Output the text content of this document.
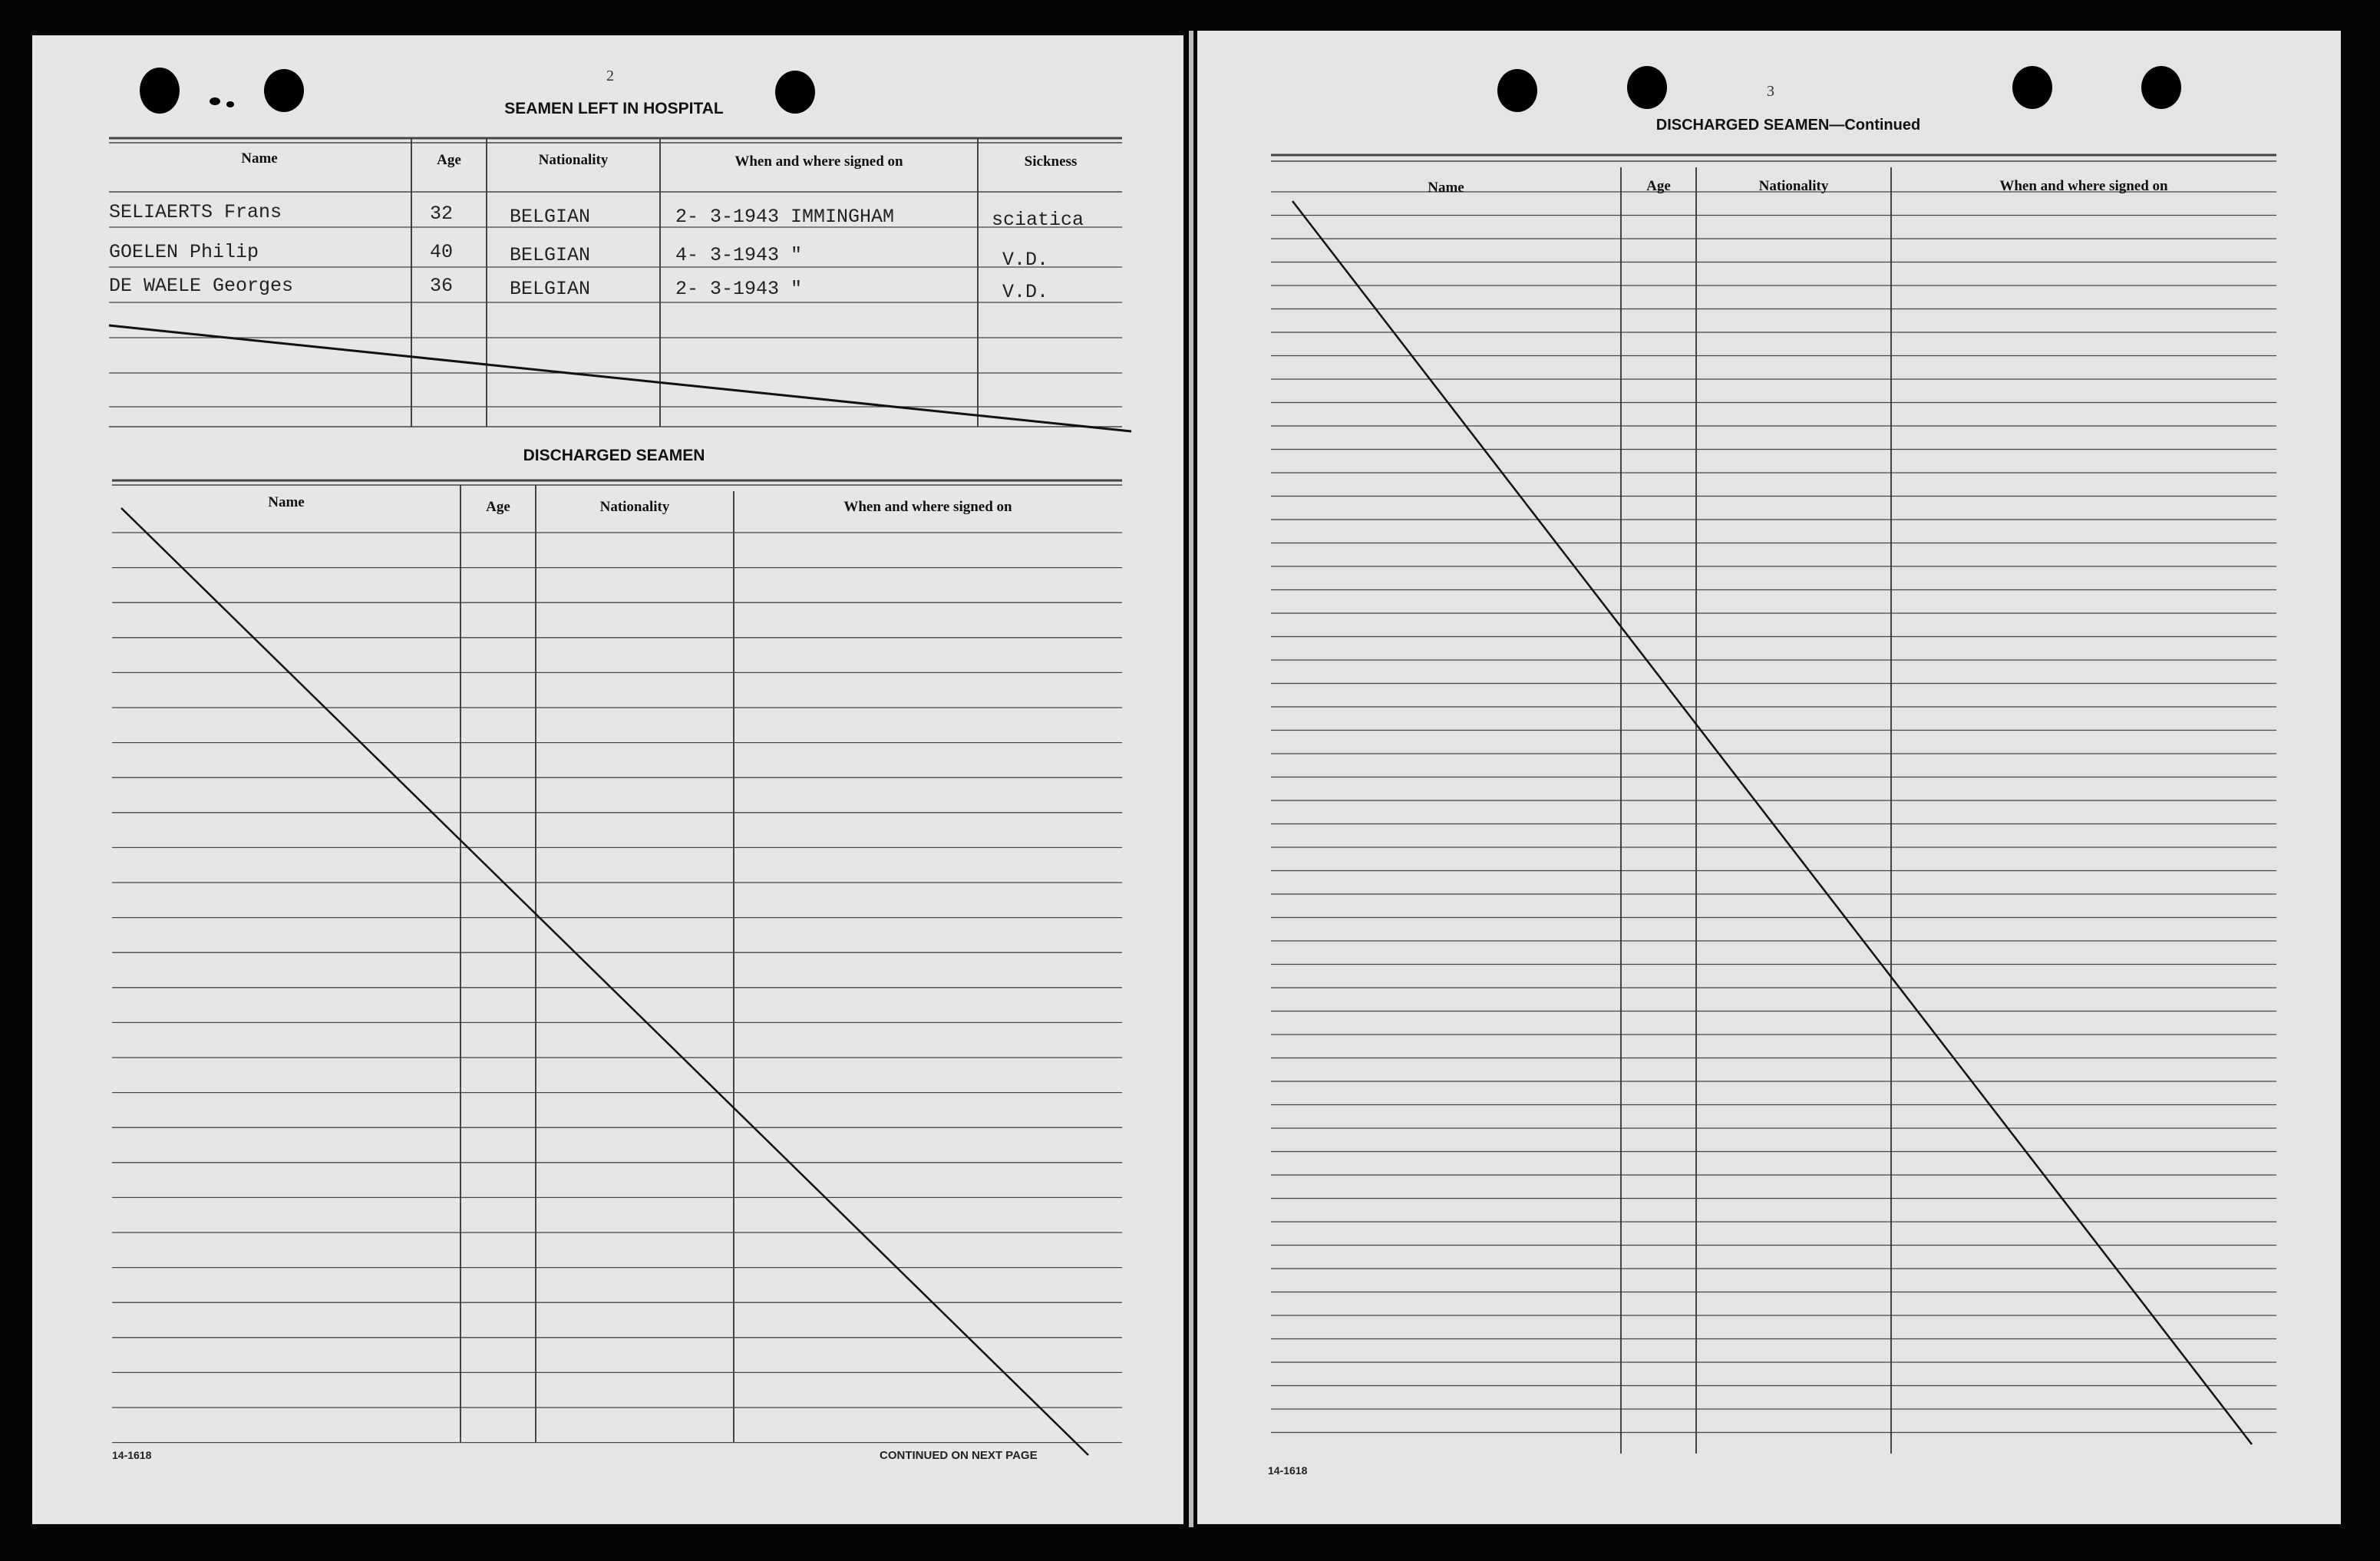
2
SEAMEN LEFT IN HOSPITAL
Name	Age	Nationality	When and where signed on	Sickness
SELIAERTS Frans	32	BELGIAN	2- 3-1943 IMMINGHAM	sciatica
GOELEN Philip	40	BELGIAN	4- 3-1943 "	V.D.
DE WAELE Georges	36	BELGIAN	2- 3-1943 "	V.D.
DISCHARGED SEAMEN
Name	Age	Nationality	When and where signed on
14-1618	CONTINUED ON NEXT PAGE
3
DISCHARGED SEAMEN—Continued
Name	Age	Nationality	When and where signed on
14-1618
